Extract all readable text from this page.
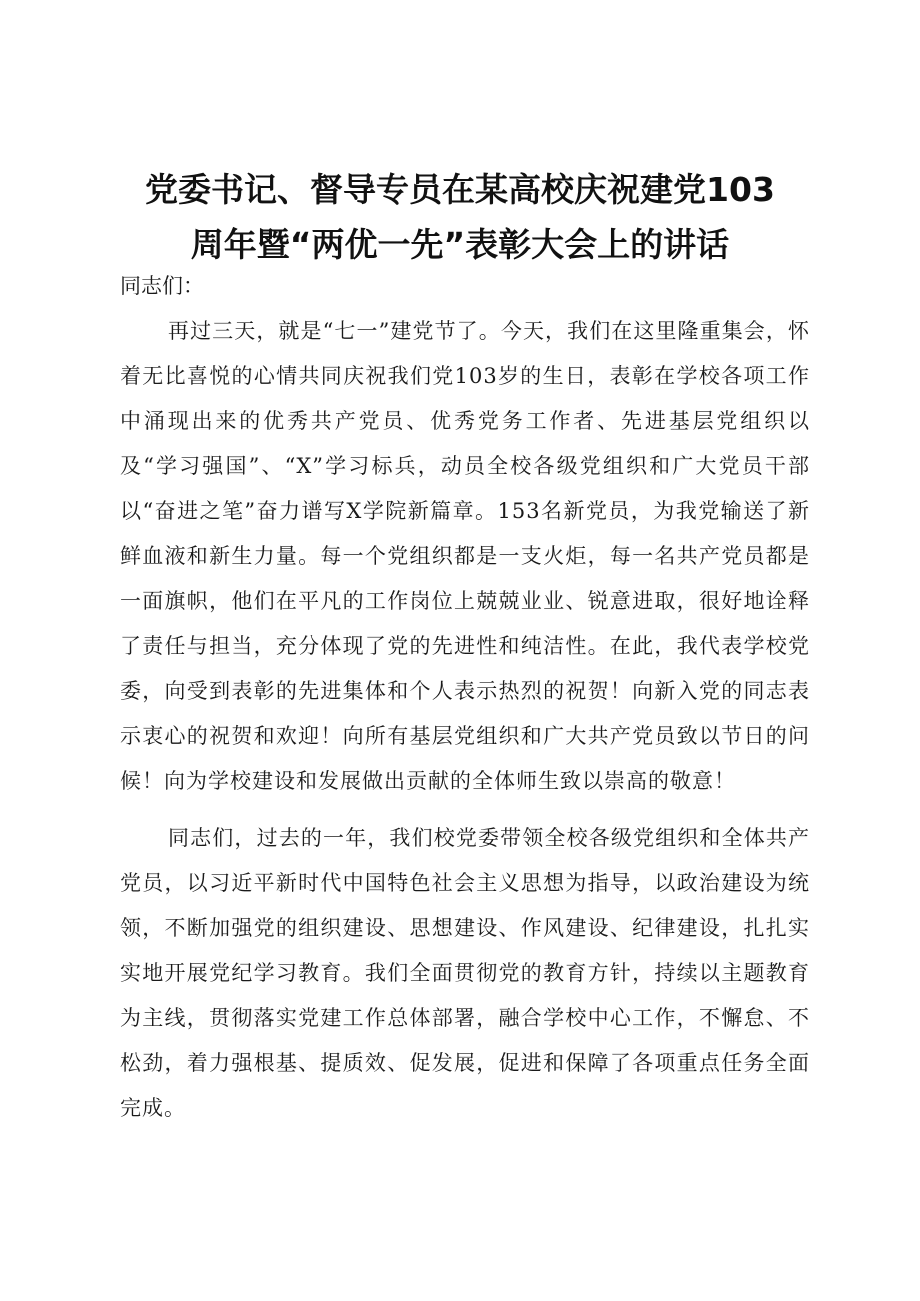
党委书记、督导专员在某高校庆祝建党103
周年暨“两优一先”表彰大会上的讲话

同志们：

再过三天，就是“七一”建党节了。今天，我们在这里隆重集会，怀着无比喜悦的心情共同庆祝我们党103岁的生日，表彰在学校各项工作中涌现出来的优秀共产党员、优秀党务工作者、先进基层党组织以及“学习强国”、“X”学习标兵，动员全校各级党组织和广大党员干部以“奋进之笔”奋力谱写X学院新篇章。153名新党员，为我党输送了新鲜血液和新生力量。每一个党组织都是一支火炬，每一名共产党员都是一面旗帜，他们在平凡的工作岗位上兢兢业业、锐意进取，很好地诠释了责任与担当，充分体现了党的先进性和纯洁性。在此，我代表学校党委，向受到表彰的先进集体和个人表示热烈的祝贺！向新入党的同志表示衷心的祝贺和欢迎！向所有基层党组织和广大共产党员致以节日的问候！向为学校建设和发展做出贡献的全体师生致以崇高的敬意！

同志们，过去的一年，我们校党委带领全校各级党组织和全体共产党员，以习近平新时代中国特色社会主义思想为指导，以政治建设为统领，不断加强党的组织建设、思想建设、作风建设、纪律建设，扎扎实实地开展党纪学习教育。我们全面贯彻党的教育方针，持续以主题教育为主线，贯彻落实党建工作总体部署，融合学校中心工作，不懈怠、不松劲，着力强根基、提质效、促发展，促进和保障了各项重点任务全面完成。
